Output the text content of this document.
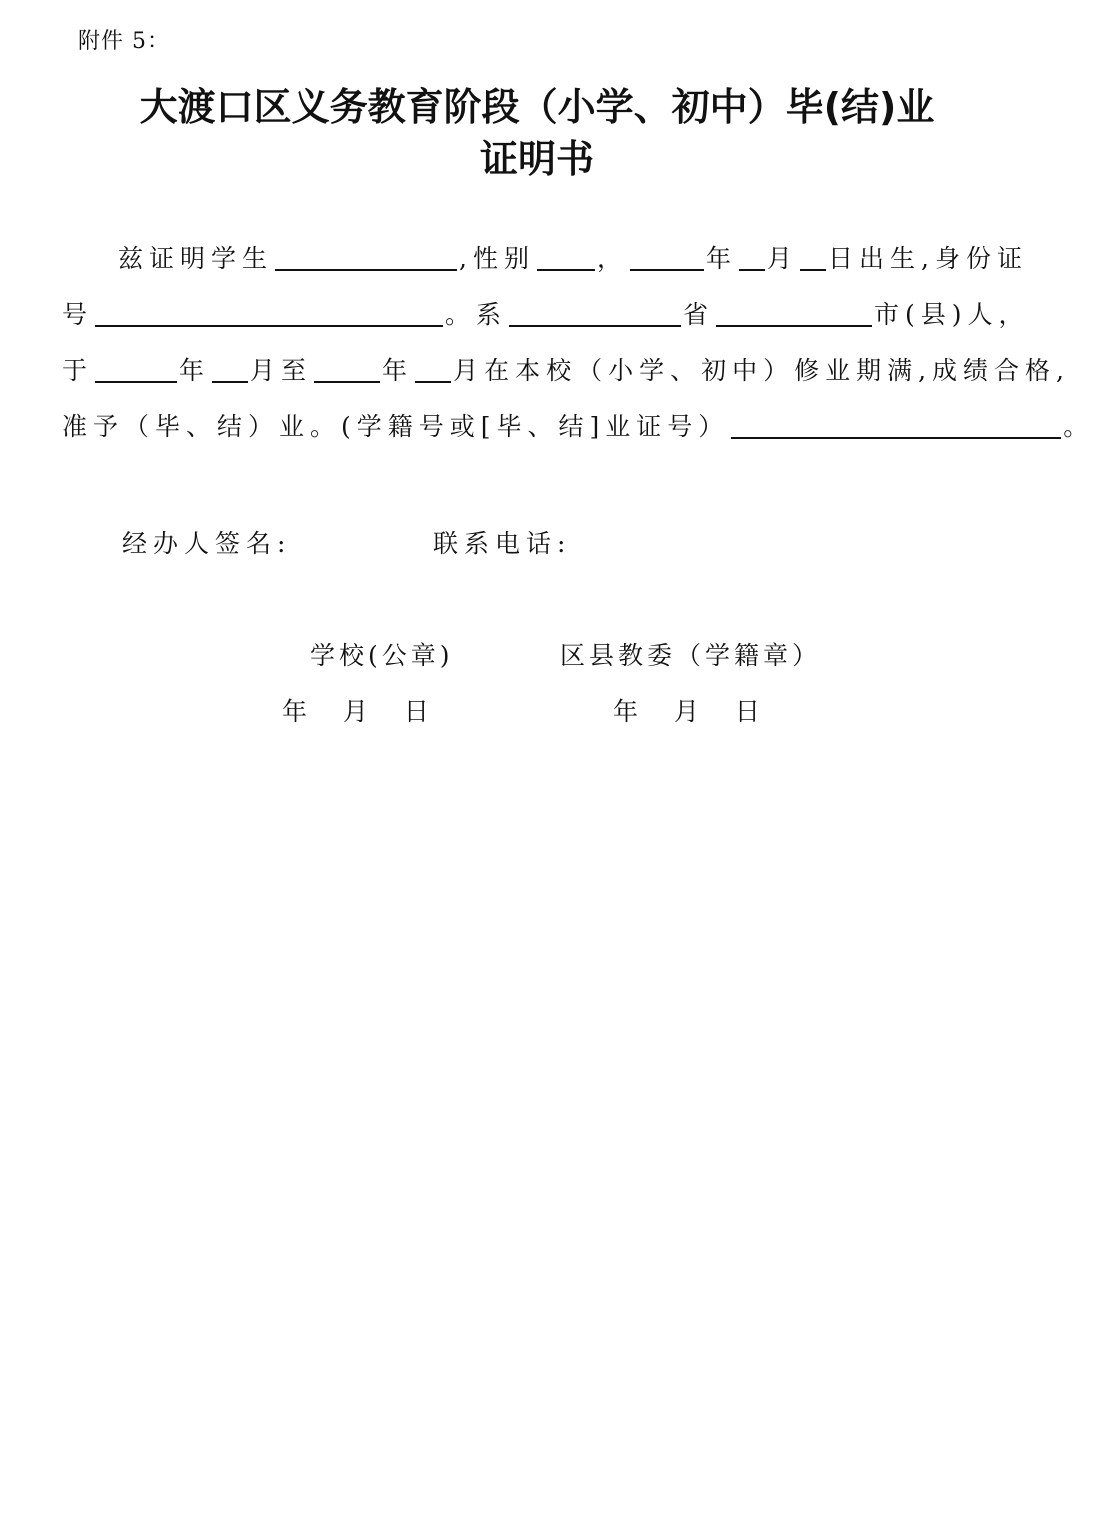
附件 5：
大渡口区义务教育阶段（小学、初中）毕(结)业
证明书
兹证明学生	,性别 ，	年 月 日出生,身份证
号	。系	省	市(县)人，
于	年 月至	年 月在本校（小学、初中）修业期满,成绩合格,
准予（毕、结）业。(学籍号或[毕、结]业证号）	。
经办人签名:	联系电话:
学校(公章)	区县教委（学籍章）
年 月 日	年 月 日
